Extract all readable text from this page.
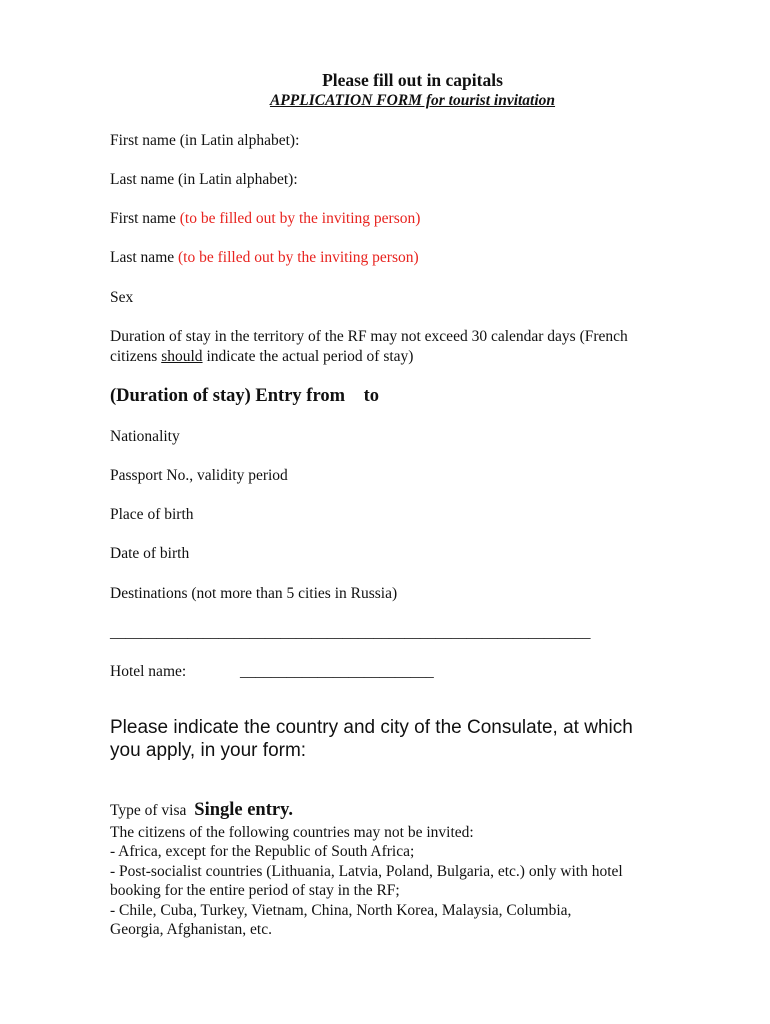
Please fill out in capitals
APPLICATION FORM for tourist invitation
First name (in Latin alphabet):
Last name (in Latin alphabet):
First name (to be filled out by the inviting person)
Last name (to be filled out by the inviting person)
Sex
Duration of stay in the territory of the RF may not exceed 30 calendar days (French
citizens should indicate the actual period of stay)
(Duration of stay) Entry from to
Nationality
Passport No., validity period
Place of birth
Date of birth
Destinations (not more than 5 cities in Russia)
______________________________________________________________
Hotel name:	_________________________
Please indicate the country and city of the Consulate, at which
you apply, in your form:
Type of visa Single entry.
The citizens of the following countries may not be invited:
- Africa, except for the Republic of South Africa;
- Post-socialist countries (Lithuania, Latvia, Poland, Bulgaria, etc.) only with hotel
booking for the entire period of stay in the RF;
- Chile, Cuba, Turkey, Vietnam, China, North Korea, Malaysia, Columbia,
Georgia, Afghanistan, etc.
